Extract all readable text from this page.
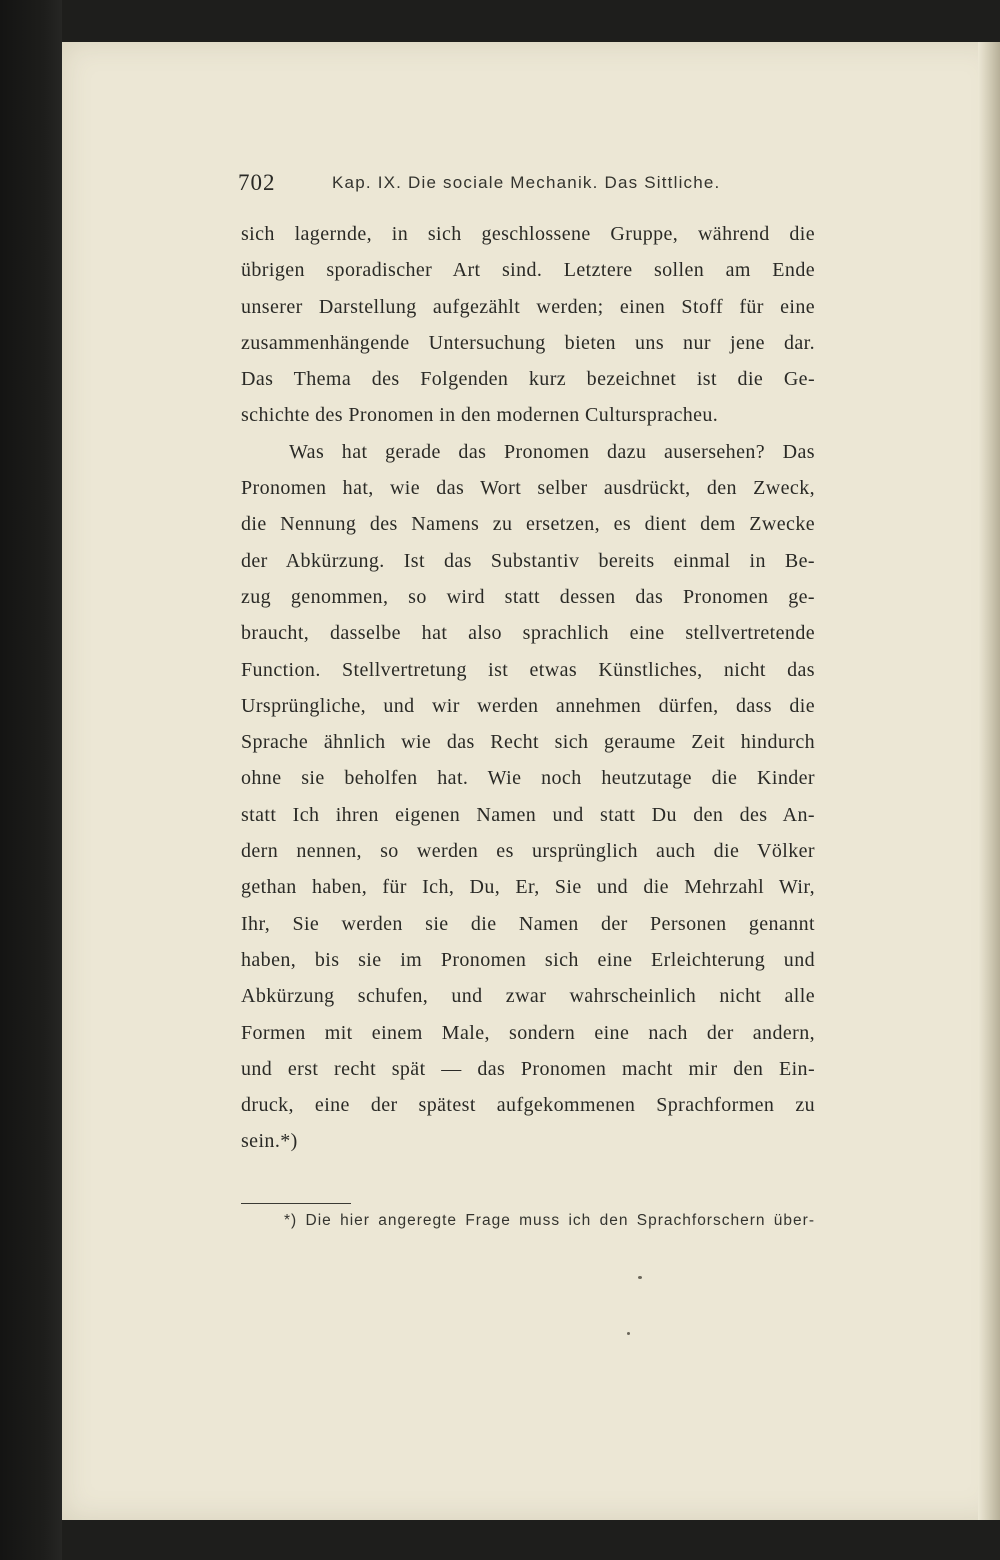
702	Kap. IX. Die sociale Mechanik. Das Sittliche.
sich lagernde, in sich geschlossene Gruppe, während die
übrigen sporadischer Art sind. Letztere sollen am Ende
unserer Darstellung aufgezählt werden; einen Stoff für eine
zusammenhängende Untersuchung bieten uns nur jene dar.
Das Thema des Folgenden kurz bezeichnet ist die Ge-
schichte des Pronomen in den modernen Culturspracheu.
Was hat gerade das Pronomen dazu ausersehen? Das
Pronomen hat, wie das Wort selber ausdrückt, den Zweck,
die Nennung des Namens zu ersetzen, es dient dem Zwecke
der Abkürzung. Ist das Substantiv bereits einmal in Be-
zug genommen, so wird statt dessen das Pronomen ge-
braucht, dasselbe hat also sprachlich eine stellvertretende
Function. Stellvertretung ist etwas Künstliches, nicht das
Ursprüngliche, und wir werden annehmen dürfen, dass die
Sprache ähnlich wie das Recht sich geraume Zeit hindurch
ohne sie beholfen hat. Wie noch heutzutage die Kinder
statt Ich ihren eigenen Namen und statt Du den des An-
dern nennen, so werden es ursprünglich auch die Völker
gethan haben, für Ich, Du, Er, Sie und die Mehrzahl Wir,
Ihr, Sie werden sie die Namen der Personen genannt
haben, bis sie im Pronomen sich eine Erleichterung und
Abkürzung schufen, und zwar wahrscheinlich nicht alle
Formen mit einem Male, sondern eine nach der andern,
und erst recht spät — das Pronomen macht mir den Ein-
druck, eine der spätest aufgekommenen Sprachformen zu
sein.*)
*) Die hier angeregte Frage muss ich den Sprachforschern über-
